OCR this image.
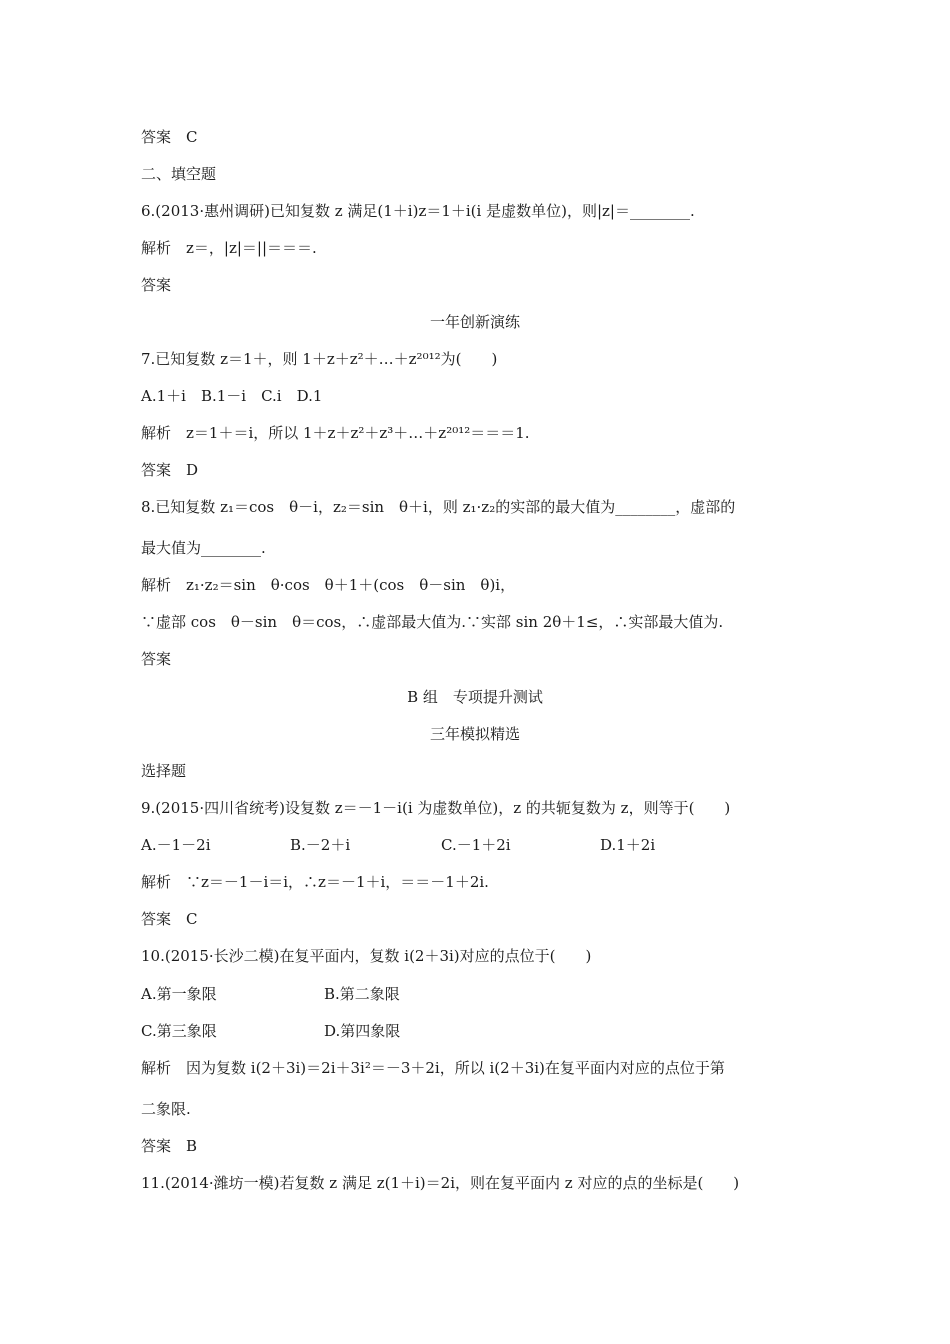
答案　C
二、填空题
6.(2013·惠州调研)已知复数 z 满足(1＋i)z＝1＋i(i 是虚数单位)，则|z|＝________.
解析　z＝，|z|＝||＝＝＝.
答案
一年创新演练
7.已知复数 z＝1＋，则 1＋z＋z²＋…＋z²⁰¹²为(　　)
A.1＋i　B.1－i　C.i　D.1
解析　z＝1＋＝i，所以 1＋z＋z²＋z³＋…＋z²⁰¹²＝＝＝1.
答案　D
8.已知复数 z₁＝cos　θ－i，z₂＝sin　θ＋i，则 z₁·z₂的实部的最大值为________，虚部的
最大值为________.
解析　z₁·z₂＝sin　θ·cos　θ＋1＋(cos　θ－sin　θ)i，
∵虚部 cos　θ－sin　θ＝cos，∴虚部最大值为.∵实部 sin 2θ＋1≤，∴实部最大值为.
答案
B 组　专项提升测试
三年模拟精选
选择题
9.(2015·四川省统考)设复数 z＝－1－i(i 为虚数单位)，z 的共轭复数为 z，则等于(　　)
A.－1－2i	B.－2＋i	C.－1＋2i	D.1＋2i
解析　∵z＝－1－i＝i，∴z＝－1＋i，＝＝－1＋2i.
答案　C
10.(2015·长沙二模)在复平面内，复数 i(2＋3i)对应的点位于(　　)
A.第一象限	B.第二象限
C.第三象限	D.第四象限
解析　因为复数 i(2＋3i)＝2i＋3i²＝－3＋2i，所以 i(2＋3i)在复平面内对应的点位于第
二象限.
答案　B
11.(2014·潍坊一模)若复数 z 满足 z(1＋i)＝2i，则在复平面内 z 对应的点的坐标是(　　)
